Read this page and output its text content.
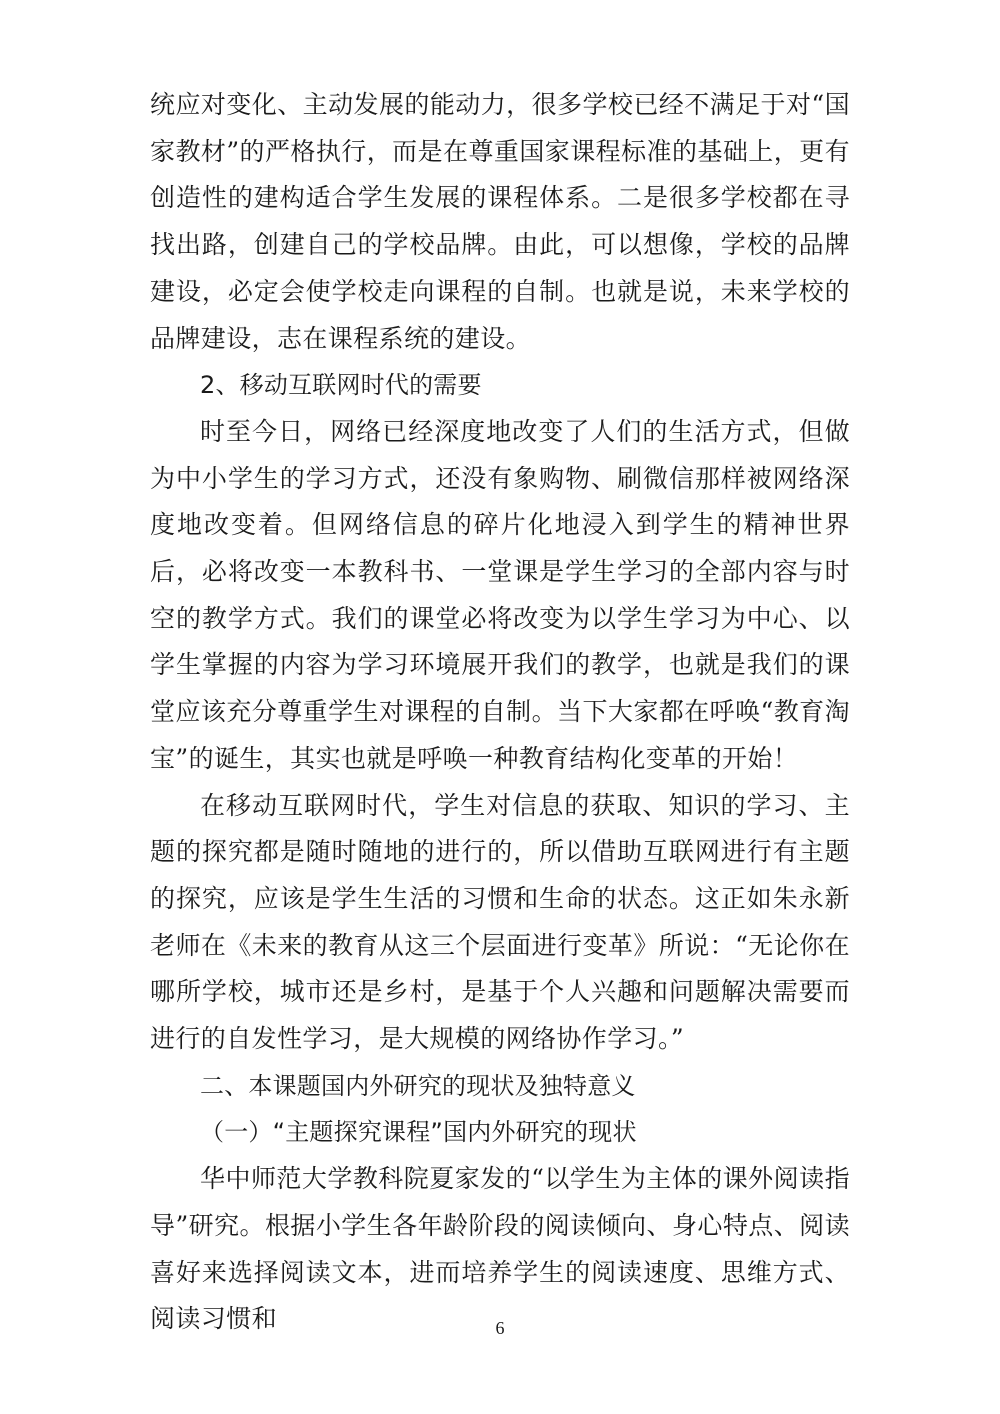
统应对变化、主动发展的能动力，很多学校已经不满足于对“国家教材”的严格执行，而是在尊重国家课程标准的基础上，更有创造性的建构适合学生发展的课程体系。二是很多学校都在寻找出路，创建自己的学校品牌。由此，可以想像，学校的品牌建设，必定会使学校走向课程的自制。也就是说，未来学校的品牌建设，志在课程系统的建设。

2、移动互联网时代的需要

时至今日，网络已经深度地改变了人们的生活方式，但做为中小学生的学习方式，还没有象购物、刷微信那样被网络深度地改变着。但网络信息的碎片化地浸入到学生的精神世界后，必将改变一本教科书、一堂课是学生学习的全部内容与时空的教学方式。我们的课堂必将改变为以学生学习为中心、以学生掌握的内容为学习环境展开我们的教学，也就是我们的课堂应该充分尊重学生对课程的自制。当下大家都在呼唤“教育淘宝”的诞生，其实也就是呼唤一种教育结构化变革的开始！

在移动互联网时代，学生对信息的获取、知识的学习、主题的探究都是随时随地的进行的，所以借助互联网进行有主题的探究，应该是学生生活的习惯和生命的状态。这正如朱永新老师在《未来的教育从这三个层面进行变革》所说：“无论你在哪所学校，城市还是乡村，是基于个人兴趣和问题解决需要而进行的自发性学习，是大规模的网络协作学习。”

二、本课题国内外研究的现状及独特意义

（一）“主题探究课程”国内外研究的现状

华中师范大学教科院夏家发的“以学生为主体的课外阅读指导”研究。根据小学生各年龄阶段的阅读倾向、身心特点、阅读喜好来选择阅读文本，进而培养学生的阅读速度、思维方式、阅读习惯和	6
